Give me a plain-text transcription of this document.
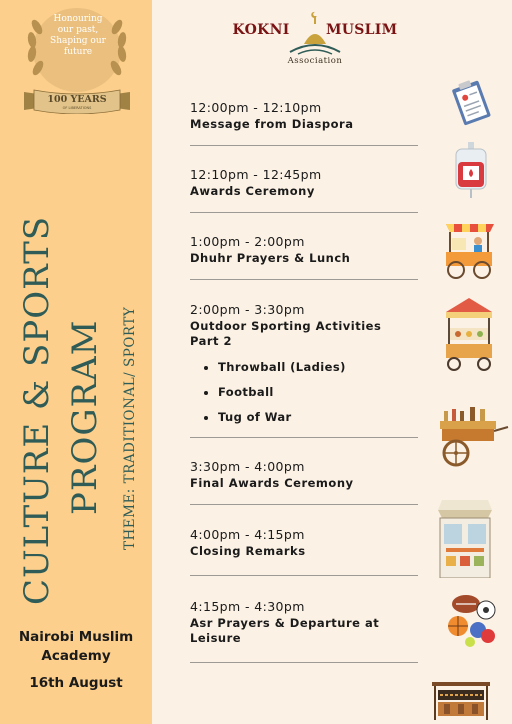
Honouring
our past,
Shaping our
future
100 YEARS
OF LIBERATIONS
CULTURE & SPORTS PROGRAM THEME: TRADITIONAL/ SPORTY
Nairobi Muslim
Academy
16th August
KOKNI	MUSLIM
Association
12:00pm - 12:10pm
Message from Diaspora
12:10pm - 12:45pm
Awards Ceremony
1:00pm - 2:00pm
Dhuhr Prayers & Lunch
2:00pm - 3:30pm
Outdoor Sporting Activities Part 2
Throwball (Ladies)
Football
Tug of War
3:30pm - 4:00pm
Final Awards Ceremony
4:00pm - 4:15pm
Closing Remarks
4:15pm - 4:30pm
Asr Prayers & Departure at Leisure
